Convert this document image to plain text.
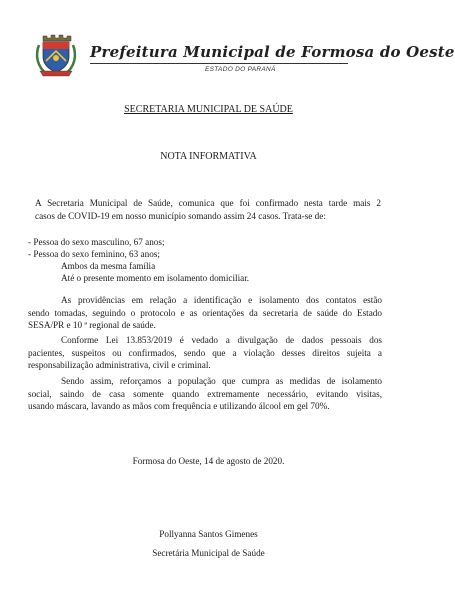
Prefeitura Municipal de Formosa do Oeste
ESTADO DO PARANÁ
SECRETARIA MUNICIPAL DE SAÚDE
NOTA INFORMATIVA
A Secretaria Municipal de Saúde, comunica que foi confirmado nesta tarde mais 2
casos de COVID-19 em nosso município somando assim 24 casos. Trata-se de:
- Pessoa do sexo masculino, 67 anos;
- Pessoa do sexo feminino, 63 anos;
Ambos da mesma família
Até o presente momento em isolamento domiciliar.
As providências em relação a identificação e isolamento dos contatos estão
sendo tomadas, seguindo o protocolo e as orientações da secretaria de saúde do Estado
SESA/PR e 10 ª regional de saúde.
Conforme Lei 13.853/2019 é vedado a divulgação de dados pessoais dos
pacientes, suspeitos ou confirmados, sendo que a violação desses direitos sujeita a
responsabilização administrativa, civil e criminal.
Sendo assim, reforçamos a população que cumpra as medidas de isolamento
social, saindo de casa somente quando extremamente necessário, evitando visitas,
usando máscara, lavando as mãos com frequência e utilizando álcool em gel 70%.
Formosa do Oeste, 14 de agosto de 2020.
Pollyanna Santos Gimenes
Secretária Municipal de Saúde
